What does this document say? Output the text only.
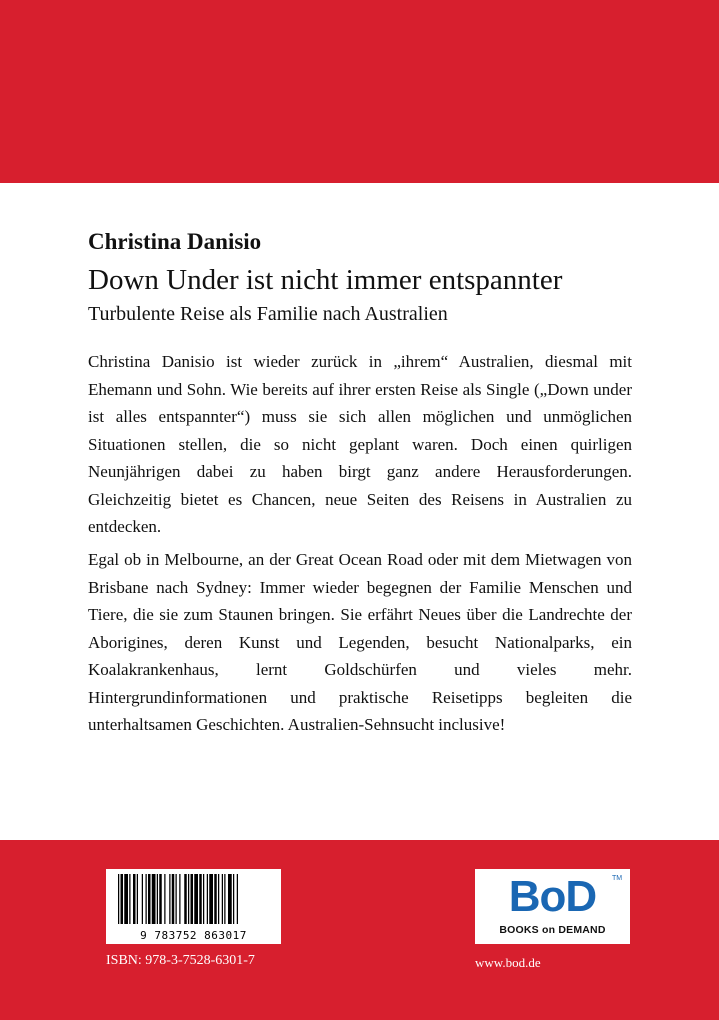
Christina Danisio
Down Under ist nicht immer entspannter
Turbulente Reise als Familie nach Australien

Christina Danisio ist wieder zurück in „ihrem“ Australien, diesmal mit Ehemann und Sohn. Wie bereits auf ihrer ersten Reise als Single („Down under ist alles entspannter“) muss sie sich allen möglichen und unmöglichen Situationen stellen, die so nicht geplant waren. Doch einen quirligen Neunjährigen dabei zu haben birgt ganz andere Herausforderungen. Gleichzeitig bietet es Chancen, neue Seiten des Reisens in Australien zu entdecken.

Egal ob in Melbourne, an der Great Ocean Road oder mit dem Mietwagen von Brisbane nach Sydney: Immer wieder begegnen der Familie Menschen und Tiere, die sie zum Staunen bringen. Sie erfährt Neues über die Landrechte der Aborigines, deren Kunst und Legenden, besucht Nationalparks, ein Koalakrankenhaus, lernt Goldschürfen und vieles mehr. Hintergrundinformationen und praktische Reisetipps begleiten die unterhaltsamen Geschichten. Australien-Sehnsucht inclusive!

9 783752 863017
ISBN: 978-3-7528-6301-7
BoD	TM
BOOKS on DEMAND
www.bod.de
